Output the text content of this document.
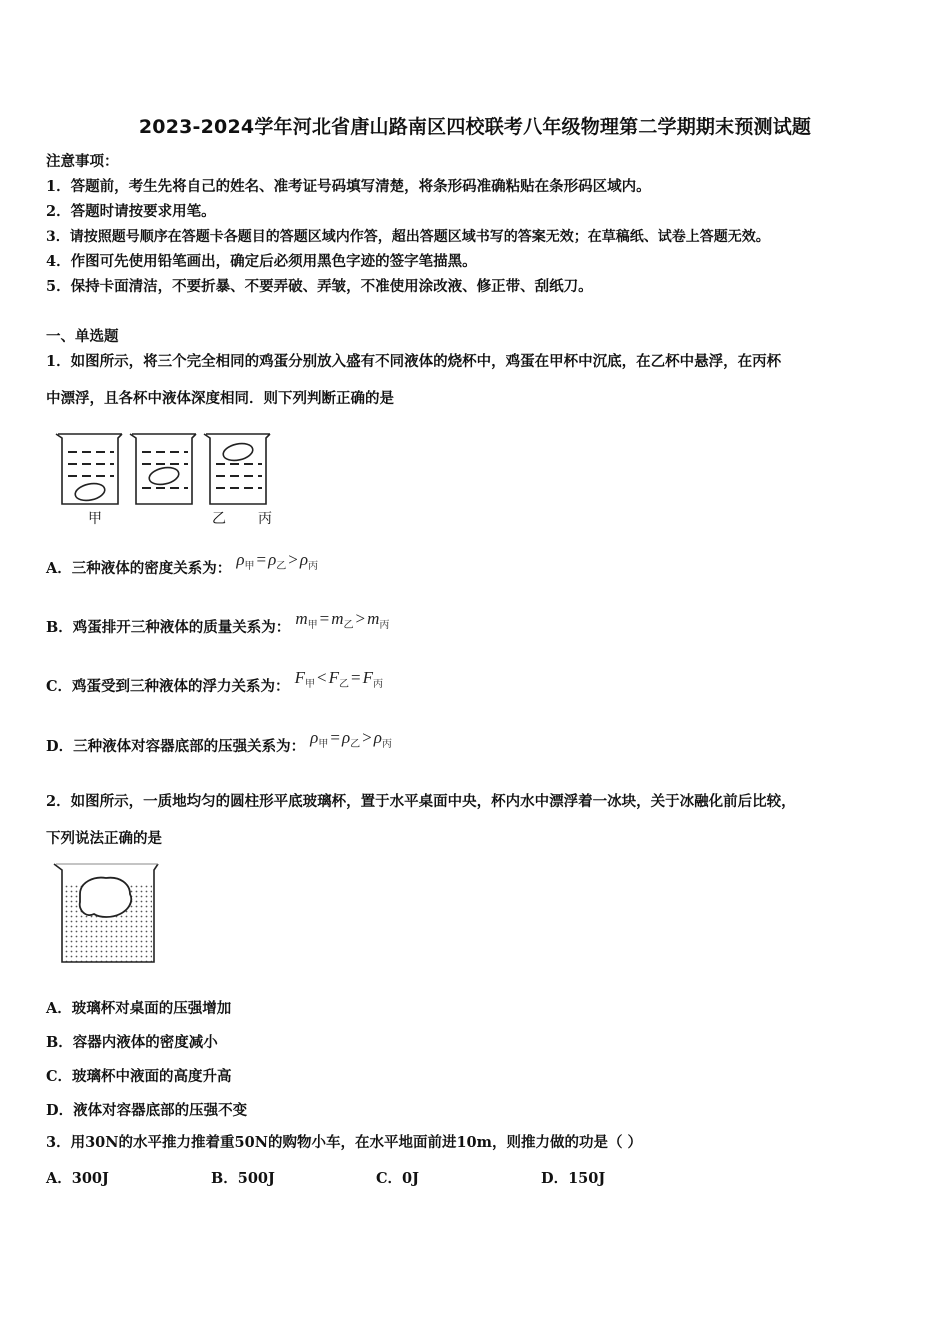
2023-2024学年河北省唐山路南区四校联考八年级物理第二学期期末预测试题
注意事项：
1．答题前，考生先将自己的姓名、准考证号码填写清楚，将条形码准确粘贴在条形码区域内。
2．答题时请按要求用笔。
3．请按照题号顺序在答题卡各题目的答题区域内作答，超出答题区域书写的答案无效；在草稿纸、试卷上答题无效。
4．作图可先使用铅笔画出，确定后必须用黑色字迹的签字笔描黑。
5．保持卡面清洁，不要折暴、不要弄破、弄皱，不准使用涂改液、修正带、刮纸刀。
一、单选题
1．如图所示，将三个完全相同的鸡蛋分别放入盛有不同液体的烧杯中，鸡蛋在甲杯中沉底，在乙杯中悬浮，在丙杯
中漂浮，且各杯中液体深度相同．则下列判断正确的是
甲	乙 丙
A．三种液体的密度关系为： $\rho_甲 = \rho_乙 > \rho_丙$
B．鸡蛋排开三种液体的质量关系为： $m_甲 = m_乙 > m_丙$
C．鸡蛋受到三种液体的浮力关系为： $F_甲 < F_乙 = F_丙$
D．三种液体对容器底部的压强关系为： $\rho_甲 = \rho_乙 > \rho_丙$
2．如图所示，一质地均匀的圆柱形平底玻璃杯，置于水平桌面中央，杯内水中漂浮着一冰块，关于冰融化前后比较，
下列说法正确的是
A．玻璃杯对桌面的压强增加
B．容器内液体的密度减小
C．玻璃杯中液面的高度升高
D．液体对容器底部的压强不变
3．用30N的水平推力推着重50N的购物小车，在水平地面前进10m，则推力做的功是（ ）
A．300J	B．500J	C．0J	D．150J
